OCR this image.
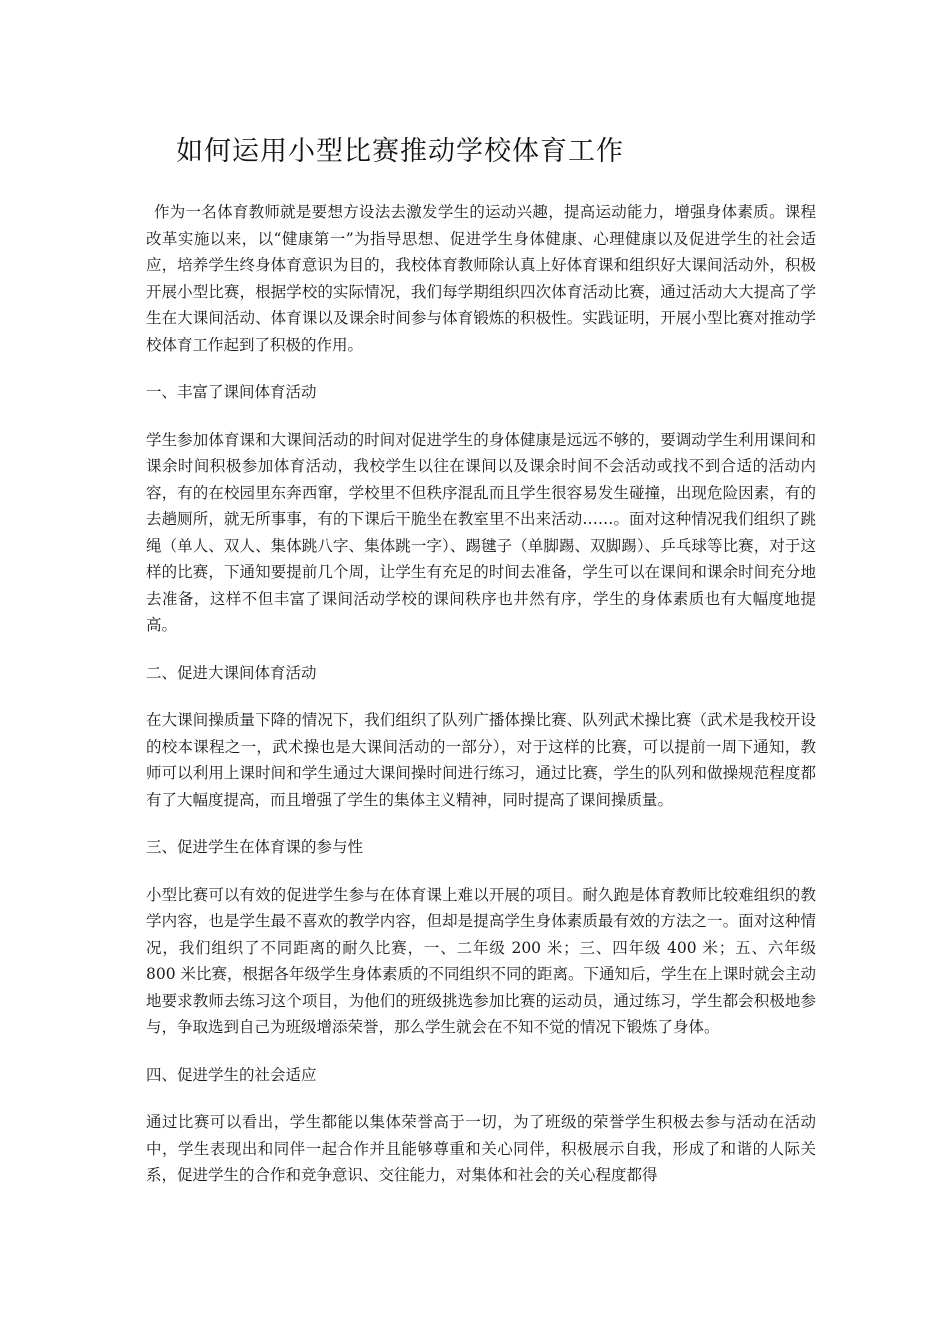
如何运用小型比赛推动学校体育工作

作为一名体育教师就是要想方设法去激发学生的运动兴趣，提高运动能力，增强身体素质。课程改革实施以来，以“健康第一”为指导思想、促进学生身体健康、心理健康以及促进学生的社会适应，培养学生终身体育意识为目的，我校体育教师除认真上好体育课和组织好大课间活动外，积极开展小型比赛，根据学校的实际情况，我们每学期组织四次体育活动比赛，通过活动大大提高了学生在大课间活动、体育课以及课余时间参与体育锻炼的积极性。实践证明，开展小型比赛对推动学校体育工作起到了积极的作用。

一、丰富了课间体育活动

学生参加体育课和大课间活动的时间对促进学生的身体健康是远远不够的，要调动学生利用课间和课余时间积极参加体育活动，我校学生以往在课间以及课余时间不会活动或找不到合适的活动内容，有的在校园里东奔西窜，学校里不但秩序混乱而且学生很容易发生碰撞，出现危险因素，有的去趟厕所，就无所事事，有的下课后干脆坐在教室里不出来活动……。面对这种情况我们组织了跳绳（单人、双人、集体跳八字、集体跳一字）、踢毽子（单脚踢、双脚踢）、乒乓球等比赛，对于这样的比赛，下通知要提前几个周，让学生有充足的时间去准备，学生可以在课间和课余时间充分地去准备，这样不但丰富了课间活动学校的课间秩序也井然有序，学生的身体素质也有大幅度地提高。

二、促进大课间体育活动

在大课间操质量下降的情况下，我们组织了队列广播体操比赛、队列武术操比赛（武术是我校开设的校本课程之一，武术操也是大课间活动的一部分），对于这样的比赛，可以提前一周下通知，教师可以利用上课时间和学生通过大课间操时间进行练习，通过比赛，学生的队列和做操规范程度都有了大幅度提高，而且增强了学生的集体主义精神，同时提高了课间操质量。

三、促进学生在体育课的参与性

小型比赛可以有效的促进学生参与在体育课上难以开展的项目。耐久跑是体育教师比较难组织的教学内容，也是学生最不喜欢的教学内容，但却是提高学生身体素质最有效的方法之一。面对这种情况，我们组织了不同距离的耐久比赛，一、二年级 200 米；三、四年级 400 米；五、六年级 800 米比赛，根据各年级学生身体素质的不同组织不同的距离。下通知后，学生在上课时就会主动地要求教师去练习这个项目，为他们的班级挑选参加比赛的运动员，通过练习，学生都会积极地参与，争取选到自己为班级增添荣誉，那么学生就会在不知不觉的情况下锻炼了身体。

四、促进学生的社会适应

通过比赛可以看出，学生都能以集体荣誉高于一切，为了班级的荣誉学生积极去参与活动在活动中，学生表现出和同伴一起合作并且能够尊重和关心同伴，积极展示自我，形成了和谐的人际关系，促进学生的合作和竞争意识、交往能力，对集体和社会的关心程度都得
